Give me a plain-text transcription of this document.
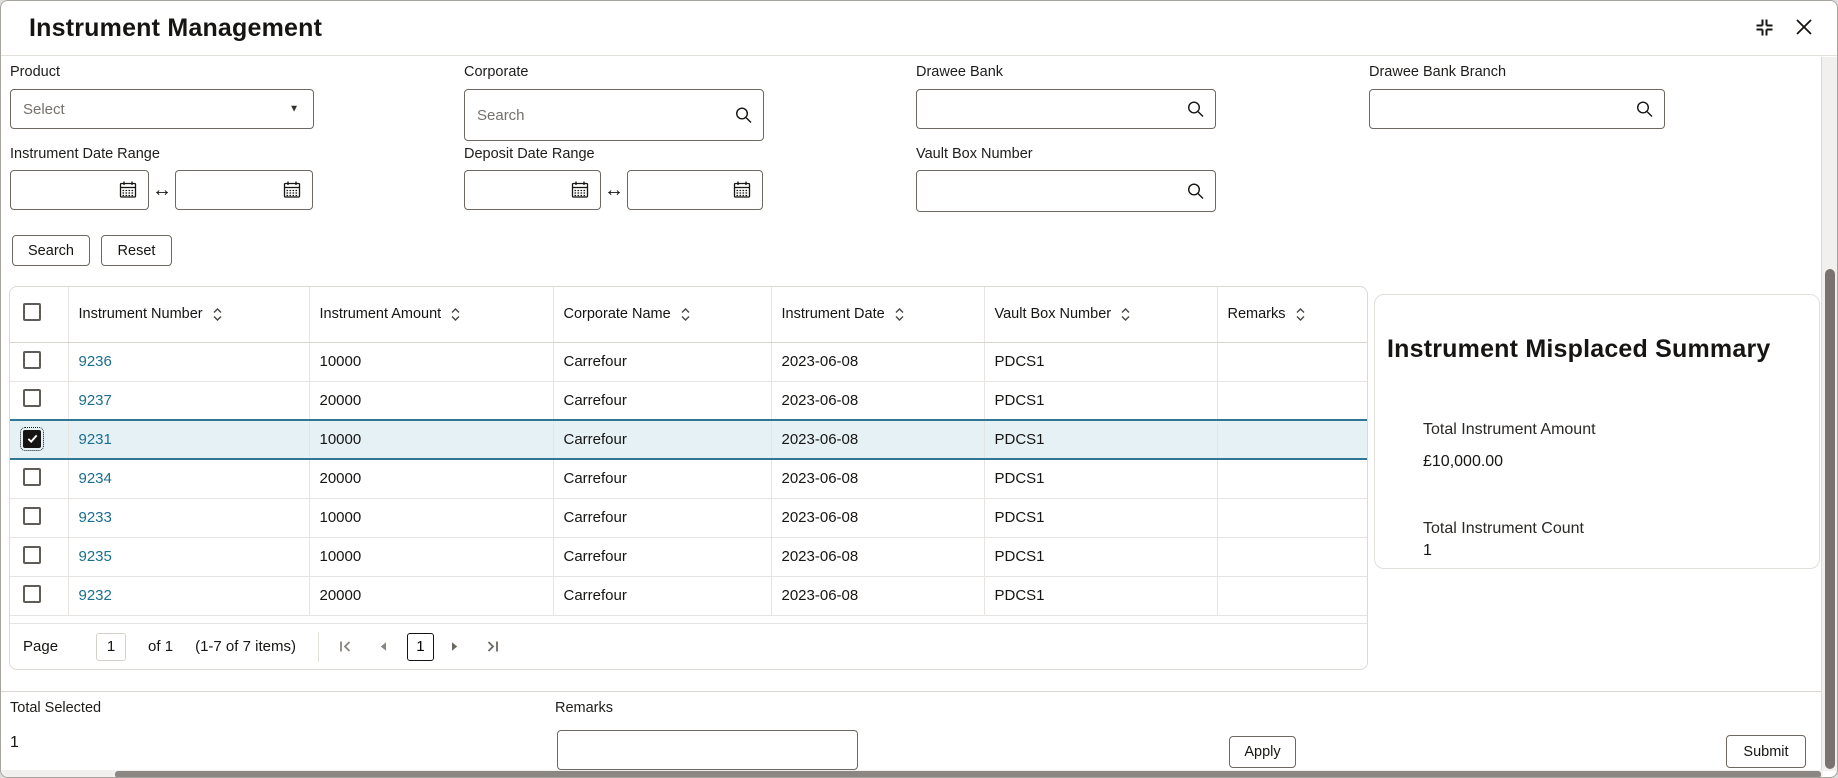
Instrument Management
Product
Select	▼
Corporate
Search	Drawee Bank	Drawee Bank Branch
Instrument Date Range
↔
Deposit Date Range
↔
Vault Box Number
Search	Reset

	Instrument Number	Instrument Amount	Corporate Name	Instrument Date	Vault Box Number	Remarks

	9236	10000	Carrefour	2023-06-08	PDCS1	
	9237	20000	Carrefour	2023-06-08	PDCS1	

	9231	10000	Carrefour	2023-06-08	PDCS1	
	9234	20000	Carrefour	2023-06-08	PDCS1	
	9233	10000	Carrefour	2023-06-08	PDCS1	
	9235	10000	Carrefour	2023-06-08	PDCS1	
	9232	20000	Carrefour	2023-06-08	PDCS1	
Page
1	of 1 (1-7 of 7 items)	1
Instrument Misplaced Summary
Total Instrument Amount
£10,000.00
Total Instrument Count
1
Total Selected
1
Remarks
Apply	Submit
